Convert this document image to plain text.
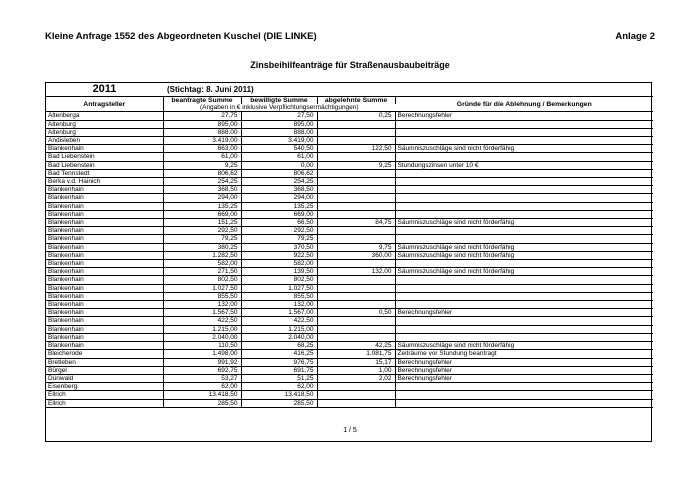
Kleine Anfrage 1552 des Abgeordneten Kuschel (DIE LINKE)	Anlage 2
Zinsbeihilfeanträge für Straßenausbaubeiträge
2011	(Stichtag: 8. Juni 2011)			
Antragsteller	beantragte Summe	bewilligte Summe	abgelehnte Summe	Gründe für die Ablehnung / Bemerkungen
	(Angaben in € inklusive Verpflichtungsermächtigungen)			
Altenberga	27,75	27,50	0,25	Berechnungsfehler
Altenburg	895,00	895,00		
Altenburg	888,00	888,00		
Andisleben	3.419,00	3.419,00		
Blankenhain	663,00	540,50	122,50	Säumniszuschläge sind nicht förderfähig
Bad Liebenstein	61,00	61,00		
Bad Liebenstein	9,25	0,00	9,25	Stundungszinsen unter 10 €
Bad Tennstedt	806,62	806,62		
Berka v.d. Hainich	254,25	254,25		
Blankenhain	368,50	368,50		
Blankenhain	294,00	294,00		
Blankenhain	135,25	135,25		
Blankenhain	669,00	669,00		
Blankenhain	151,25	66,50	84,75	Säumniszuschläge sind nicht förderfähig
Blankenhain	292,50	292,50		
Blankenhain	79,25	79,25		
Blankenhain	380,25	370,50	9,75	Säumniszuschläge sind nicht förderfähig
Blankenhain	1.282,50	922,50	360,00	Säumniszuschläge sind nicht förderfähig
Blankenhain	582,00	582,00		
Blankenhain	271,50	139,50	132,00	Säumniszuschläge sind nicht förderfähig
Blankenhain	802,50	802,50		
Blankenhain	1.027,50	1.027,50		
Blankenhain	855,50	855,50		
Blankenhain	132,00	132,00		
Blankenhain	1.567,50	1.567,00	0,50	Berechnungsfehler
Blankenhain	422,50	422,50		
Blankenhain	1.215,00	1.215,00		
Blankenhain	2.040,00	2.040,00		
Blankenhain	110,50	68,25	42,25	Säumniszuschläge sind nicht förderfähig
Bleicherode	1.498,00	416,25	1.081,75	Zeiträume vor Stundung beantragt
Bretleben	991,92	976,75	15,17	Berechnungsfehler
Bürgel	692,75	691,75	1,00	Berechnungsfehler
Dünwald	53,27	51,25	2,02	Berechnungsfehler
Eisenberg	62,00	62,00		
Ellrich	13.418,50	13.418,50		
Ellrich	285,50	285,50		
1 / 5
